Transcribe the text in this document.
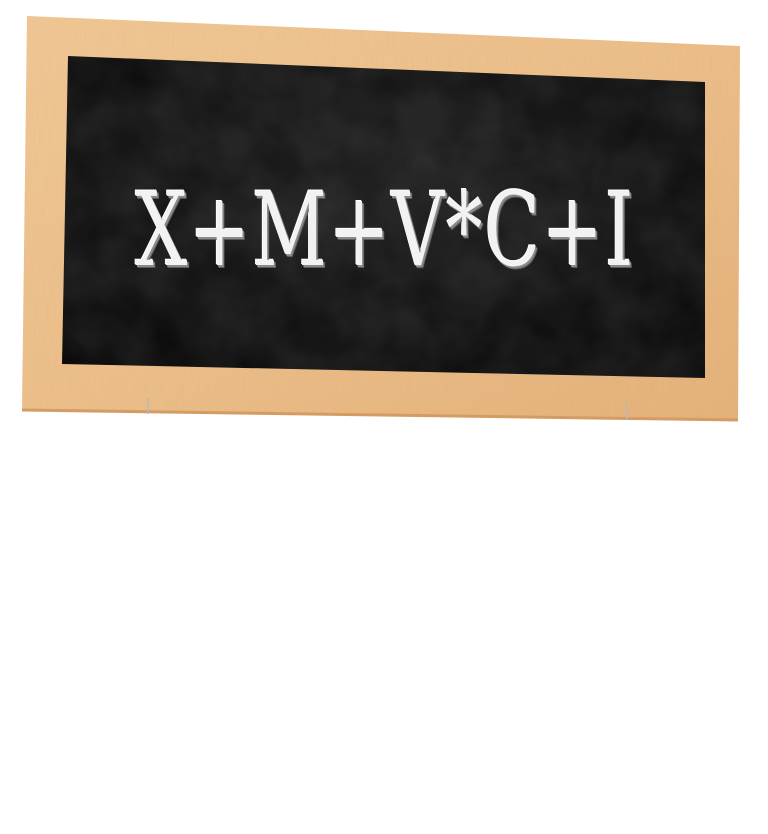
X+M+V*C+I
